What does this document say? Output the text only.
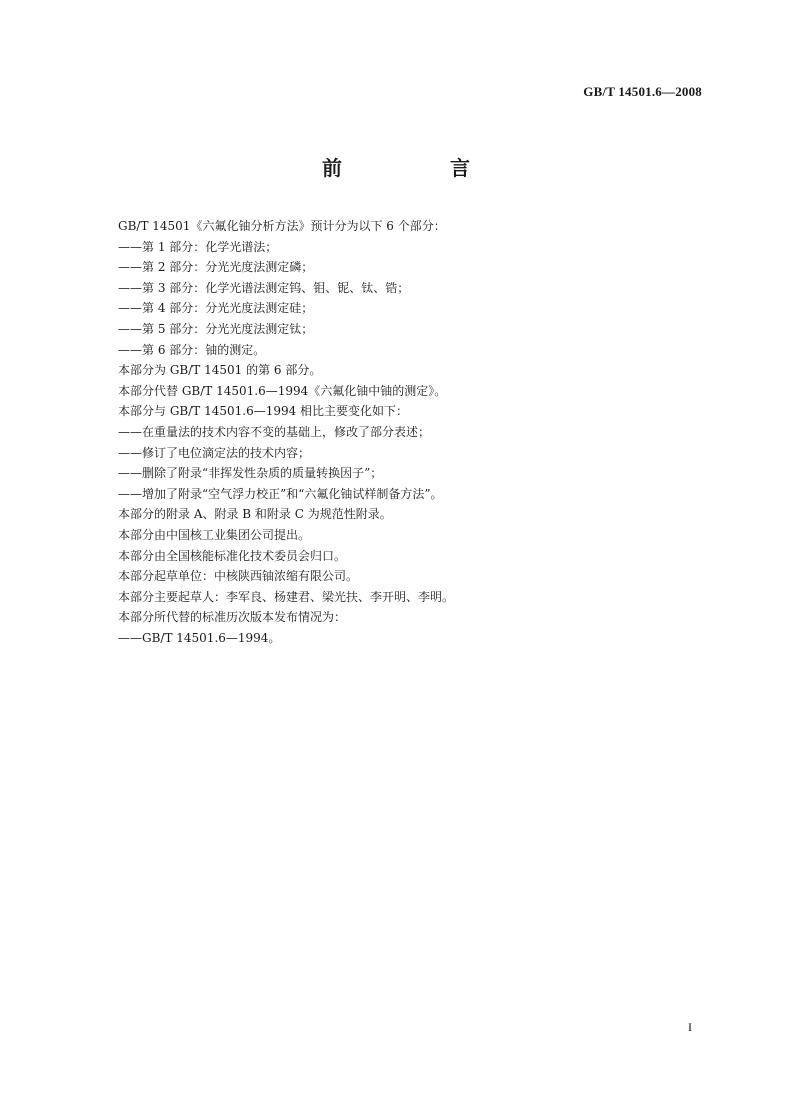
GB/T 14501.6—2008
前　言
GB/T 14501《六氟化铀分析方法》预计分为以下 6 个部分：
——第 1 部分：化学光谱法；
——第 2 部分：分光光度法测定磷；
——第 3 部分：化学光谱法测定钨、钼、铌、钛、锆；
——第 4 部分：分光光度法测定硅；
——第 5 部分：分光光度法测定钛；
——第 6 部分：铀的测定。
本部分为 GB/T 14501 的第 6 部分。
本部分代替 GB/T 14501.6—1994《六氟化铀中铀的测定》。
本部分与 GB/T 14501.6—1994 相比主要变化如下：
——在重量法的技术内容不变的基础上，修改了部分表述；
——修订了电位滴定法的技术内容；
——删除了附录“非挥发性杂质的质量转换因子”；
——增加了附录“空气浮力校正”和“六氟化铀试样制备方法”。
本部分的附录 A、附录 B 和附录 C 为规范性附录。
本部分由中国核工业集团公司提出。
本部分由全国核能标准化技术委员会归口。
本部分起草单位：中核陕西铀浓缩有限公司。
本部分主要起草人：李军良、杨建君、梁光扶、李开明、李明。
本部分所代替的标准历次版本发布情况为：
——GB/T 14501.6—1994。
I
